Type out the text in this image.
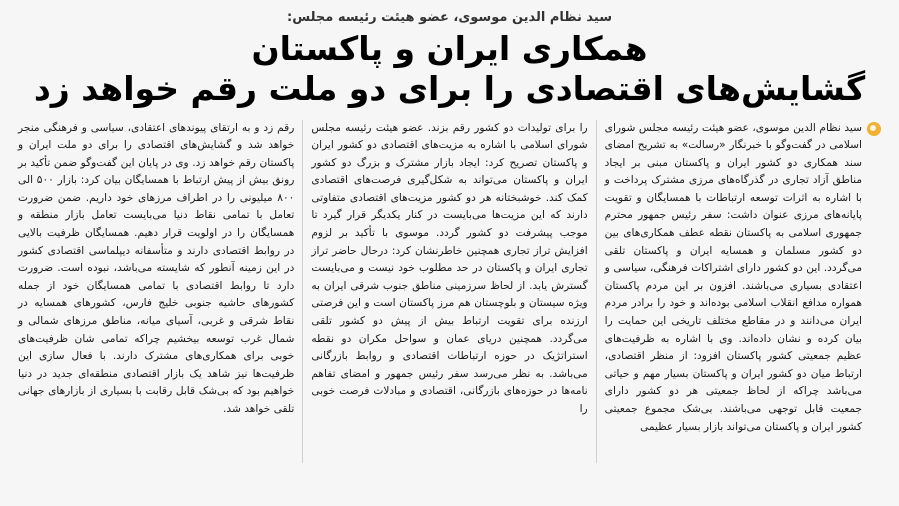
سید نظام الدین موسوی، عضو هیئت رئیسه مجلس:
همکاری ایران و پاکستان
گشایش‌های اقتصادی را برای دو ملت رقم خواهد زد

سید نظام الدین موسوی، عضو هیئت رئیسه مجلس شورای اسلامی در گفت‌وگو با خبرنگار «رسالت» به تشریح امضای سند همکاری دو کشور ایران و پاکستان مبنی بر ایجاد مناطق آزاد تجاری در گذرگاه‌های مرزی مشترک پرداخت و با اشاره به اثرات توسعه ارتباطات با همسایگان و تقویت پایانه‌های مرزی عنوان داشت: سفر رئیس جمهور محترم جمهوری اسلامی به پاکستان نقطه عطف همکاری‌های بین دو کشور مسلمان و همسایه ایران و پاکستان تلقی می‌گردد. این دو کشور دارای اشتراکات فرهنگی، سیاسی و اعتقادی بسیاری می‌باشند. افزون بر این مردم پاکستان همواره مدافع انقلاب اسلامی بوده‌اند و خود را برادر مردم ایران می‌دانند و در مقاطع مختلف تاریخی این حمایت را بیان کرده و نشان داده‌اند. وی با اشاره به ظرفیت‌های عظیم جمعیتی کشور پاکستان افزود: از منظر اقتصادی، ارتباط میان دو کشور ایران و پاکستان بسیار مهم و حیاتی می‌باشد چراکه از لحاظ جمعیتی هر دو کشور دارای جمعیت قابل توجهی می‌باشند. بی‌شک مجموع جمعیتی کشور ایران و پاکستان می‌تواند بازار بسیار عظیمی

را برای تولیدات دو کشور رقم بزند. عضو هیئت رئیسه مجلس شورای اسلامی با اشاره به مزیت‌های اقتصادی دو کشور ایران و پاکستان تصریح کرد: ایجاد بازار مشترک و بزرگ دو کشور ایران و پاکستان می‌تواند به شکل‌گیری فرصت‌های اقتصادی کمک کند. خوشبختانه هر دو کشور مزیت‌های اقتصادی متفاوتی دارند که این مزیت‌ها می‌بایست در کنار یکدیگر قرار گیرد تا موجب پیشرفت دو کشور گردد. موسوی با تأکید بر لزوم افزایش تراز تجاری همچنین خاطرنشان کرد: درحال حاضر تراز تجاری ایران و پاکستان در حد مطلوب خود نیست و می‌بایست گسترش یابد. از لحاظ سرزمینی مناطق جنوب شرقی ایران به ویژه سیستان و بلوچستان هم مرز پاکستان است و این فرصتی ارزنده برای تقویت ارتباط بیش از پیش دو کشور تلقی می‌گردد. همچنین دریای عمان و سواحل مکران دو نقطه استراتژیک در حوزه ارتباطات اقتصادی و روابط بازرگانی می‌باشد. به نظر می‌رسد سفر رئیس جمهور و امضای تفاهم نامه‌ها در حوزه‌های بازرگانی، اقتصادی و مبادلات فرصت خوبی را

رقم زد و به ارتقای پیوندهای اعتقادی، سیاسی و فرهنگی منجر خواهد شد و گشایش‌های اقتصادی را برای دو ملت ایران و پاکستان رقم خواهد زد. وی در پایان این گفت‌وگو ضمن تأکید بر رونق بیش از پیش ارتباط با همسایگان بیان کرد: بازار ۵۰۰ الی ۸۰۰ میلیونی را در اطراف مرزهای خود داریم. ضمن ضرورت تعامل با تمامی نقاط دنیا می‌بایست تعامل بازار منطقه و همسایگان را در اولویت قرار دهیم. همسایگان ظرفیت بالایی در روابط اقتصادی دارند و متأسفانه دیپلماسی اقتصادی کشور در این زمینه آنطور که شایسته می‌باشد، نبوده است. ضرورت دارد تا روابط اقتصادی با تمامی همسایگان خود از جمله کشورهای حاشیه جنوبی خلیج فارس، کشورهای همسایه در نقاط شرقی و غربی، آسیای میانه، مناطق مرزهای شمالی و شمال غرب توسعه بیخشیم چراکه تمامی شان ظرفیت‌های خوبی برای همکاری‌های مشترک دارند. با فعال سازی این ظرفیت‌ها نیز شاهد یک بازار اقتصادی منطقه‌ای جدید در دنیا خواهیم بود که بی‌شک قابل رقابت با بسیاری از بازارهای جهانی تلقی خواهد شد.
